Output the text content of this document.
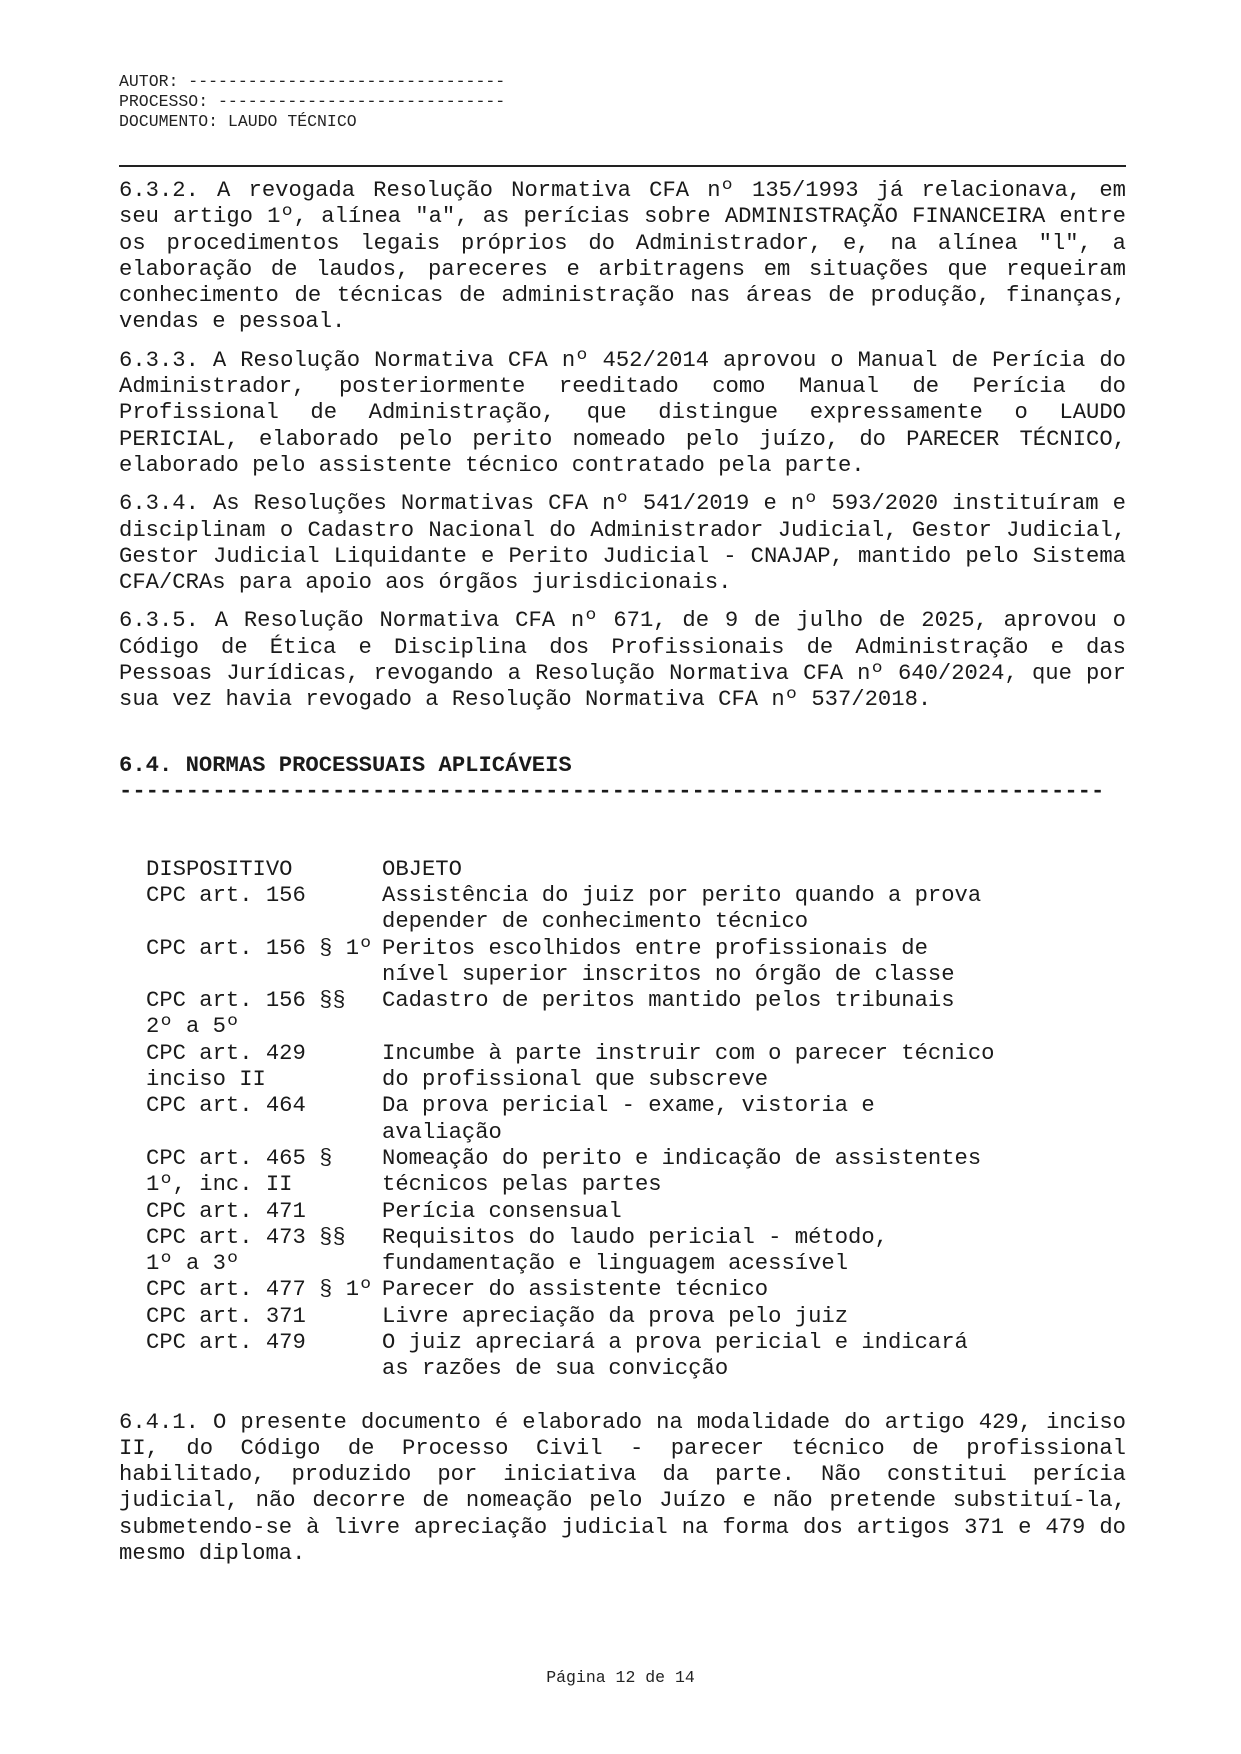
AUTOR: --------------------------------
PROCESSO: -----------------------------
DOCUMENTO: LAUDO TÉCNICO

6.3.2. A revogada Resolução Normativa CFA nº 135/1993 já relacionava, em seu artigo 1º, alínea "a", as perícias sobre ADMINISTRAÇÃO FINANCEIRA entre os procedimentos legais próprios do Administrador, e, na alínea "l", a elaboração de laudos, pareceres e arbitragens em situações que requeiram conhecimento de técnicas de administração nas áreas de produção, finanças, vendas e pessoal.

6.3.3. A Resolução Normativa CFA nº 452/2014 aprovou o Manual de Perícia do Administrador, posteriormente reeditado como Manual de Perícia do Profissional de Administração, que distingue expressamente o LAUDO PERICIAL, elaborado pelo perito nomeado pelo juízo, do PARECER TÉCNICO, elaborado pelo assistente técnico contratado pela parte.

6.3.4. As Resoluções Normativas CFA nº 541/2019 e nº 593/2020 instituíram e disciplinam o Cadastro Nacional do Administrador Judicial, Gestor Judicial, Gestor Judicial Liquidante e Perito Judicial - CNAJAP, mantido pelo Sistema CFA/CRAs para apoio aos órgãos jurisdicionais.

6.3.5. A Resolução Normativa CFA nº 671, de 9 de julho de 2025, aprovou o Código de Ética e Disciplina dos Profissionais de Administração e das Pessoas Jurídicas, revogando a Resolução Normativa CFA nº 640/2024, que por sua vez havia revogado a Resolução Normativa CFA nº 537/2018.

6.4. NORMAS PROCESSUAIS APLICÁVEIS
--------------------------------------------------------------------------
DISPOSITIVO	OBJETO
CPC art. 156	Assistência do juiz por perito quando a prova depender de conhecimento técnico
CPC art. 156 § 1º	Peritos escolhidos entre profissionais de nível superior inscritos no órgão de classe
CPC art. 156 §§ 2º a 5º	Cadastro de peritos mantido pelos tribunais
CPC art. 429 inciso II	Incumbe à parte instruir com o parecer técnico do profissional que subscreve
CPC art. 464	Da prova pericial - exame, vistoria e avaliação
CPC art. 465 § 1º, inc. II	Nomeação do perito e indicação de assistentes técnicos pelas partes
CPC art. 471	Perícia consensual
CPC art. 473 §§ 1º a 3º	Requisitos do laudo pericial - método, fundamentação e linguagem acessível
CPC art. 477 § 1º	Parecer do assistente técnico
CPC art. 371	Livre apreciação da prova pelo juiz
CPC art. 479	O juiz apreciará a prova pericial e indicará as razões de sua convicção

6.4.1. O presente documento é elaborado na modalidade do artigo 429, inciso II, do Código de Processo Civil - parecer técnico de profissional habilitado, produzido por iniciativa da parte. Não constitui perícia judicial, não decorre de nomeação pelo Juízo e não pretende substituí-la, submetendo-se à livre apreciação judicial na forma dos artigos 371 e 479 do mesmo diploma.

Página 12 de 14
